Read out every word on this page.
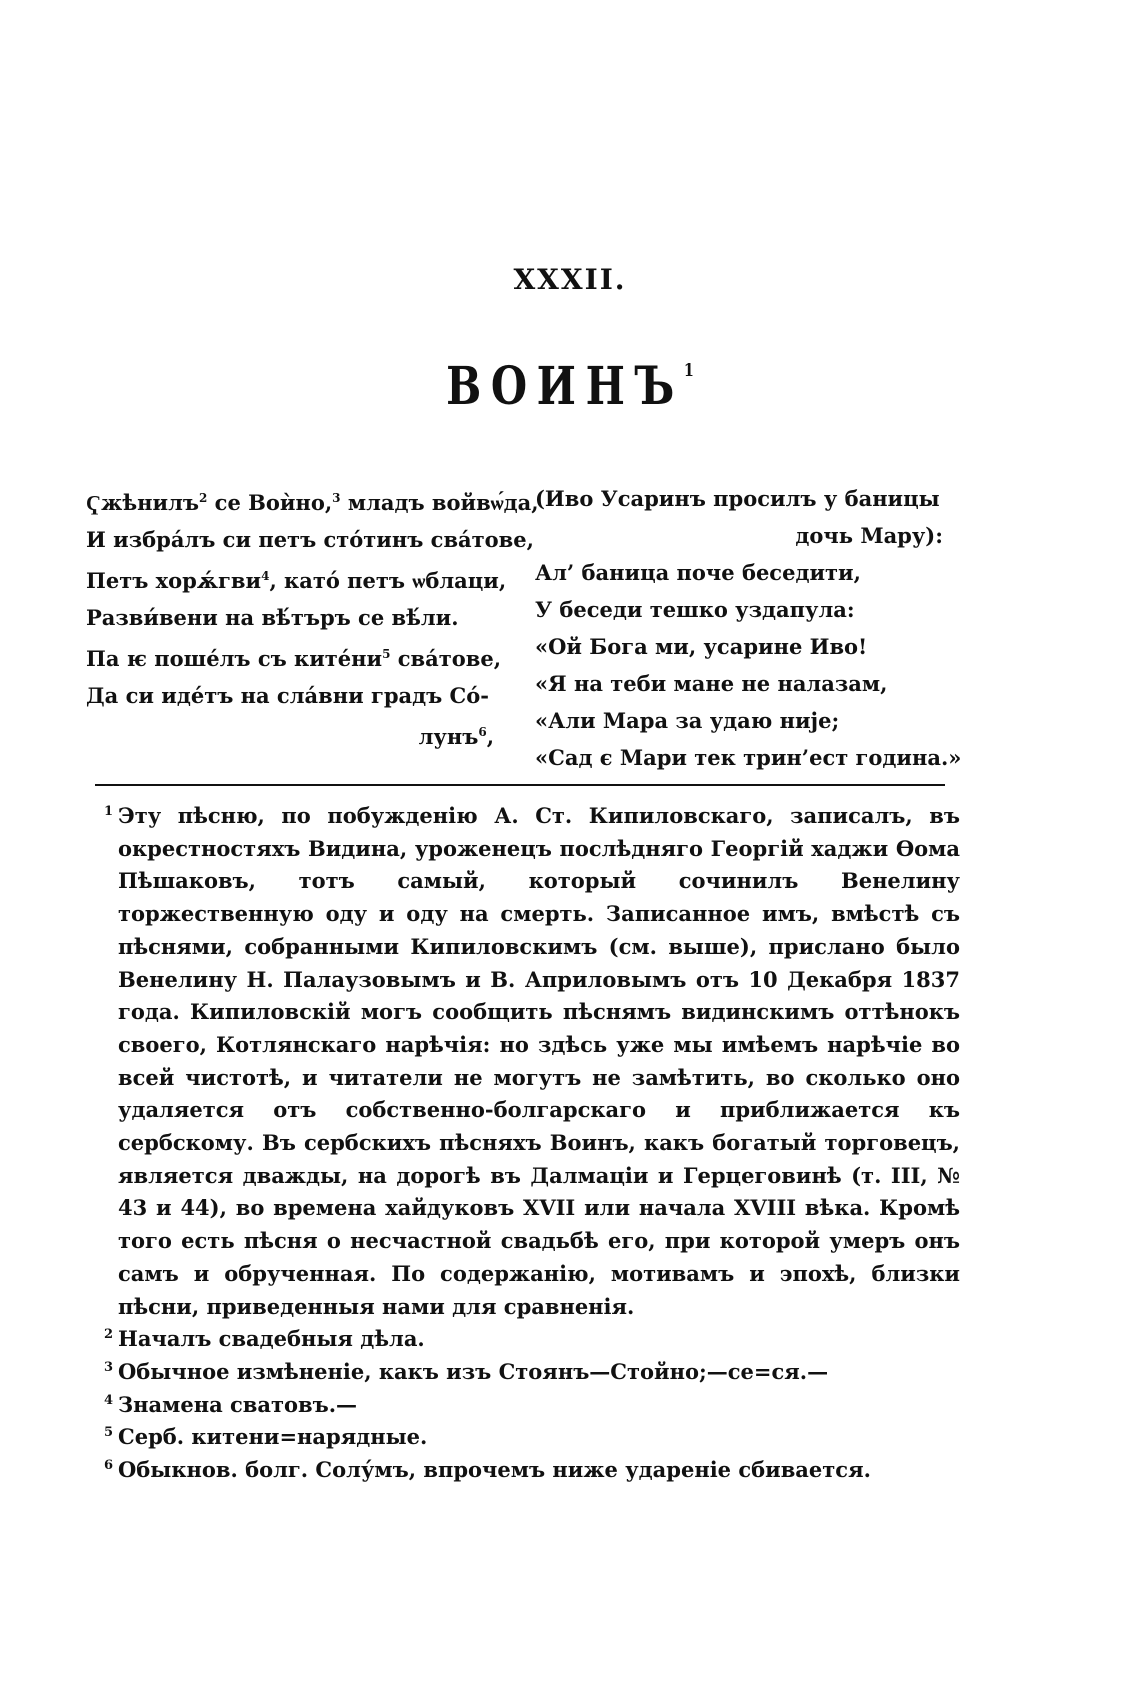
XXXII.
ВОИНЪ$^1$
Ҁжѣнилъ$^2$ се Воѝно,$^3$ младъ войвѡ́да,
И избрáлъ си петъ стóтинъ свáтове,
Петъ хорѫ́гви$^4$, като́ петъ ѡблаци,
Разви́вени на вѣ́търъ се вѣ́ли.
Па ѥ пошéлъ съ китéни$^5$ свáтове,
Да си идéтъ на слáвни градъ Сó-
лунъ$^6$,
(Иво Усаринъ просилъ у баницы
дочь Мару):
Ал’ баница поче беседити,
У беседи тешко уздапула:
«Ой Бога ми, усарине Иво!
«Я на теби мане не налазам,
«Али Мара за удаю није;
«Сад є Мари тек трин’ест година.»

1 Эту пѣсню, по побужденію А. Ст. Кипиловскаго, записалъ, въ окрестностяхъ Видина, уроженецъ послѣдняго Георгій хаджи Ѳома Пѣшаковъ, тотъ самый, который сочинилъ Венелину торжественную оду и оду на смерть. Записанное имъ, вмѣстѣ съ пѣснями, собранными Кипиловскимъ (см. выше), прислано было Венелину Н. Палаузовымъ и В. Априловымъ отъ 10 Декабря 1837 года. Кипиловскій могъ сообщить пѣснямъ видинскимъ оттѣнокъ своего, Котлянскаго нарѣчія: но здѣсь уже мы имѣемъ нарѣчіе во всей чистотѣ, и читатели не могутъ не замѣтить, во сколько оно удаляется отъ собственно-болгарскаго и приближается къ сербскому. Въ сербскихъ пѣсняхъ Воинъ, какъ богатый торговецъ, является дважды, на дорогѣ въ Далмаціи и Герцеговинѣ (т. III, № 43 и 44), во времена хайдуковъ XVII или начала XVIII вѣка. Кромѣ того есть пѣсня о несчастной свадьбѣ его, при которой умеръ онъ самъ и обрученная. По содержанію, мотивамъ и эпохѣ, близки пѣсни, приведенныя нами для сравненія.

2 Началъ свадебныя дѣла.

3 Обычное измѣненіе, какъ изъ Стоянъ—Стойно;—се=ся.—

4 Знамена сватовъ.—

5 Серб. китени=нарядные.

6 Обыкнов. болг. Солу́мъ, впрочемъ ниже удареніе сбивается.
